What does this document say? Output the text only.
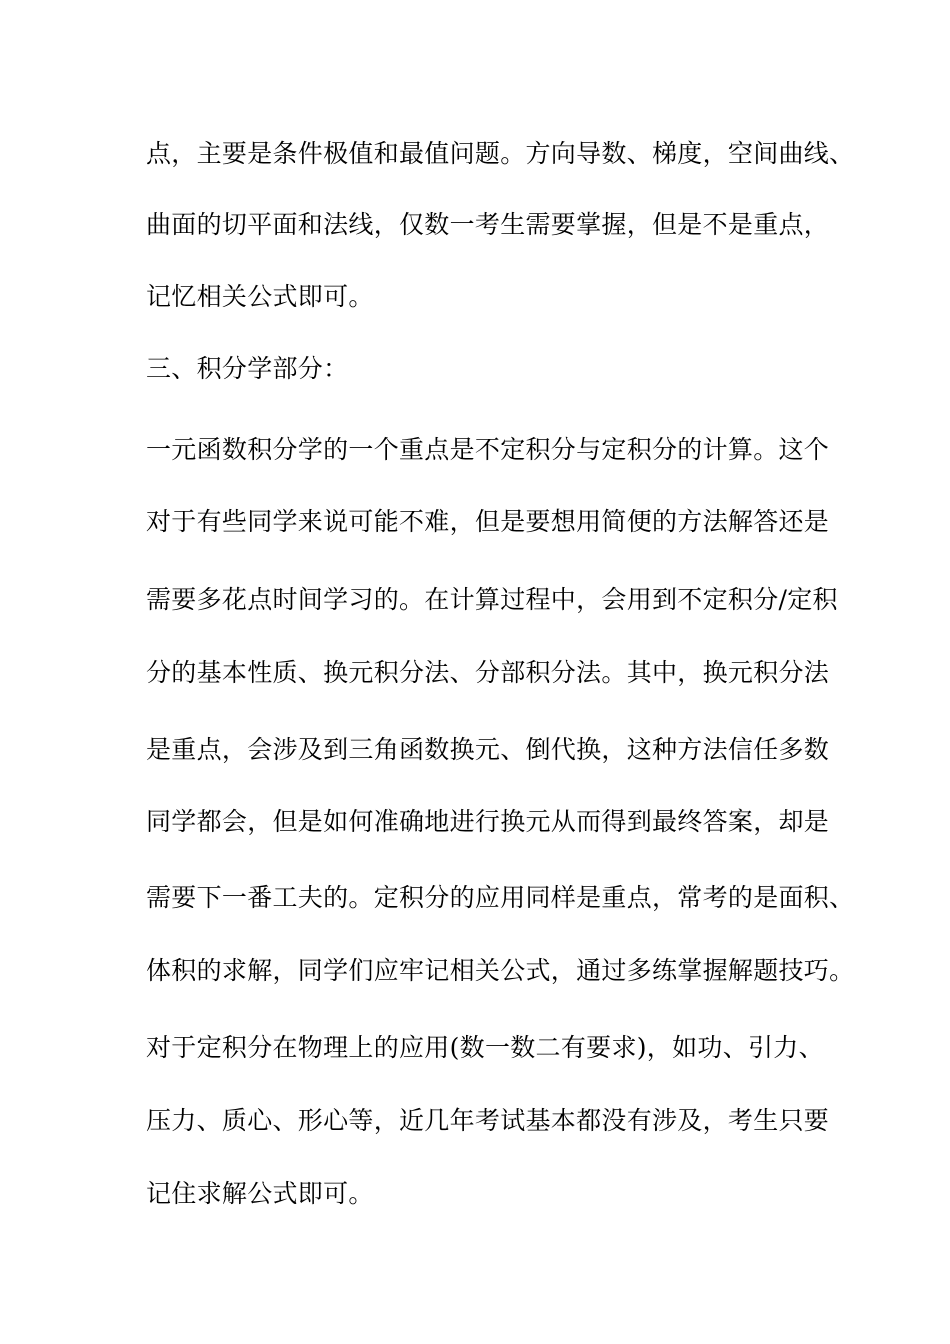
点，主要是条件极值和最值问题。方向导数、梯度，空间曲线、
曲面的切平面和法线，仅数一考生需要掌握，但是不是重点，
记忆相关公式即可。
三、积分学部分：
一元函数积分学的一个重点是不定积分与定积分的计算。这个
对于有些同学来说可能不难，但是要想用简便的方法解答还是
需要多花点时间学习的。在计算过程中，会用到不定积分/定积
分的基本性质、换元积分法、分部积分法。其中，换元积分法
是重点，会涉及到三角函数换元、倒代换，这种方法信任多数
同学都会，但是如何准确地进行换元从而得到最终答案，却是
需要下一番工夫的。定积分的应用同样是重点，常考的是面积、
体积的求解，同学们应牢记相关公式，通过多练掌握解题技巧。
对于定积分在物理上的应用(数一数二有要求)，如功、引力、
压力、质心、形心等，近几年考试基本都没有涉及，考生只要
记住求解公式即可。
